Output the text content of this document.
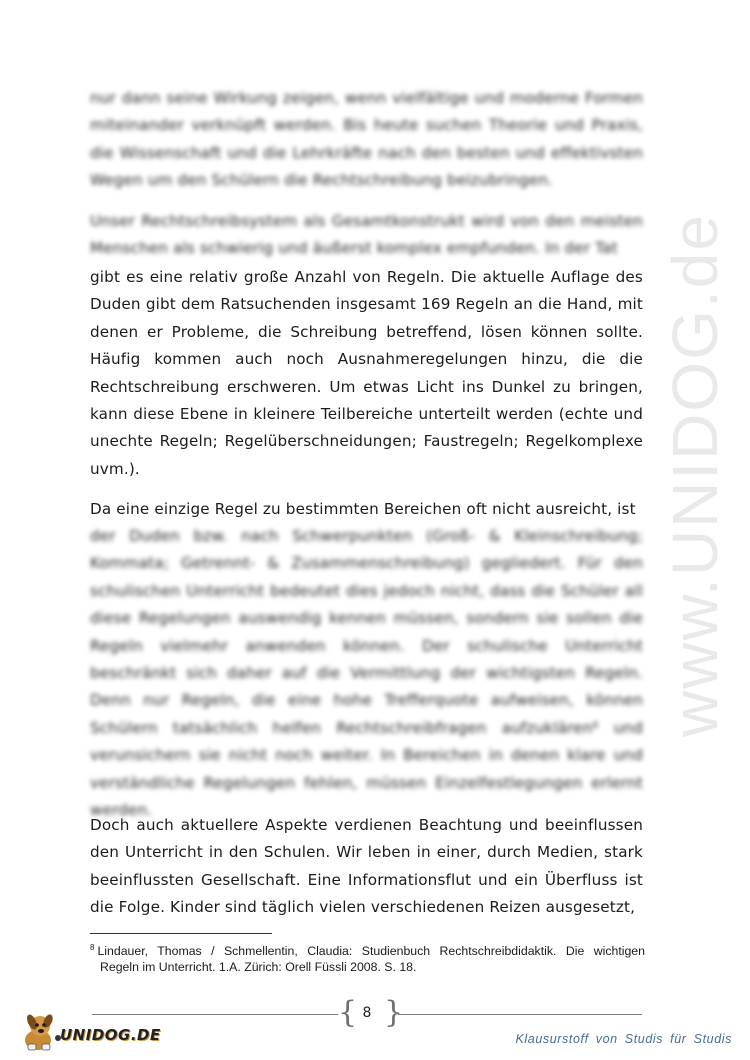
www.UNIDOG.de

nur dann seine Wirkung zeigen, wenn vielfältige und moderne Formen miteinander verknüpft werden. Bis heute suchen Theorie und Praxis, die Wissenschaft und die Lehrkräfte nach den besten und effektivsten Wegen um den Schülern die Rechtschreibung beizubringen.

Unser Rechtschreibsystem als Gesamtkonstrukt wird von den meisten Menschen als schwierig und äußerst komplex empfunden. In der Tat

gibt es eine relativ große Anzahl von Regeln. Die aktuelle Auflage des Duden gibt dem Ratsuchenden insgesamt 169 Regeln an die Hand, mit denen er Probleme, die Schreibung betreffend, lösen können sollte. Häufig kommen auch noch Ausnahmeregelungen hinzu, die die Rechtschreibung erschweren. Um etwas Licht ins Dunkel zu bringen, kann diese Ebene in kleinere Teilbereiche unterteilt werden (echte und unechte Regeln; Regelüberschneidungen; Faustregeln; Regelkomplexe uvm.).

Da eine einzige Regel zu bestimmten Bereichen oft nicht ausreicht, ist

der Duden bzw. nach Schwerpunkten (Groß- & Kleinschreibung; Kommata; Getrennt- & Zusammenschreibung) gegliedert. Für den schulischen Unterricht bedeutet dies jedoch nicht, dass die Schüler all diese Regelungen auswendig kennen müssen, sondern sie sollen die Regeln vielmehr anwenden können. Der schulische Unterricht beschränkt sich daher auf die Vermittlung der wichtigsten Regeln. Denn nur Regeln, die eine hohe Trefferquote aufweisen, können Schülern tatsächlich helfen Rechtschreibfragen aufzuklären$^8$ und verunsichern sie nicht noch weiter. In Bereichen in denen klare und verständliche Regelungen fehlen, müssen Einzelfestlegungen erlernt werden.

Doch auch aktuellere Aspekte verdienen Beachtung und beeinflussen den Unterricht in den Schulen. Wir leben in einer, durch Medien, stark beeinflussten Gesellschaft. Eine Informationsflut und ein Überfluss ist die Folge. Kinder sind täglich vielen verschiedenen Reizen ausgesetzt,

$^8$ Lindauer, Thomas / Schmellentin, Claudia: Studienbuch Rechtschreibdidaktik. Die wichtigen
Regeln im Unterricht. 1.A. Zürich: Orell Füssli 2008. S. 18.
{ }
8
UNIDOG.DE	Klausurstoff von Studis für Studis
